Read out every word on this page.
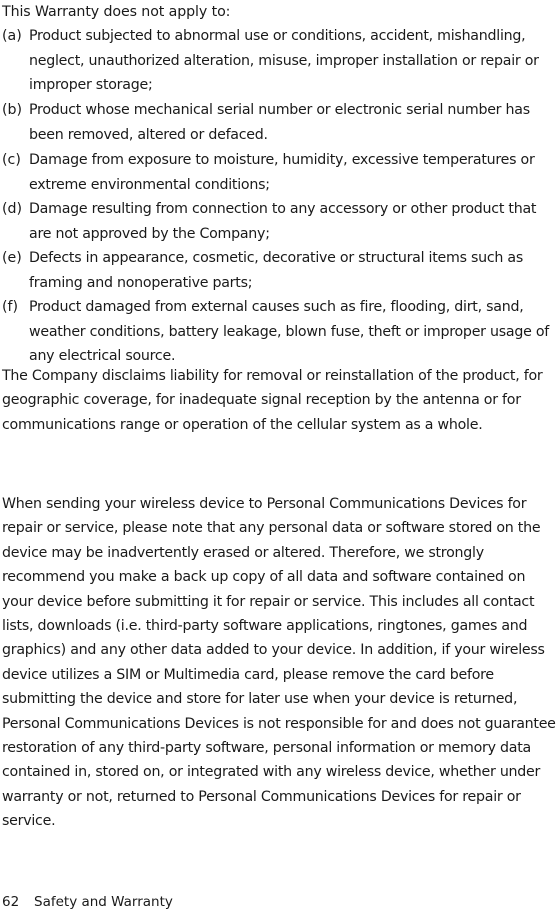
This Warranty does not apply to:

(a) Product subjected to abnormal use or conditions, accident, mishandling, neglect, unauthorized alteration, misuse, improper installation or repair or improper storage;
(b) Product whose mechanical serial number or electronic serial number has been removed, altered or defaced.
(c) Damage from exposure to moisture, humidity, excessive temperatures or extreme environmental conditions;
(d) Damage resulting from connection to any accessory or other product that are not approved by the Company;
(e) Defects in appearance, cosmetic, decorative or structural items such as framing and nonoperative parts;
(f) Product damaged from external causes such as fire, flooding, dirt, sand, weather conditions, battery leakage, blown fuse, theft or improper usage of any electrical source.

The Company disclaims liability for removal or reinstallation of the product, for geographic coverage, for inadequate signal reception by the antenna or for communications range or operation of the cellular system as a whole.

When sending your wireless device to Personal Communications Devices for repair or service, please note that any personal data or software stored on the device may be inadvertently erased or altered. Therefore, we strongly recommend you make a back up copy of all data and software contained on your device before submitting it for repair or service. This includes all contact lists, downloads (i.e. third-party software applications, ringtones, games and graphics) and any other data added to your device. In addition, if your wireless device utilizes a SIM or Multimedia card, please remove the card before submitting the device and store for later use when your device is returned, Personal Communications Devices is not responsible for and does not guarantee restoration of any third-party software, personal information or memory data contained in, stored on, or integrated with any wireless device, whether under warranty or not, returned to Personal Communications Devices for repair or service.

62 Safety and Warranty
